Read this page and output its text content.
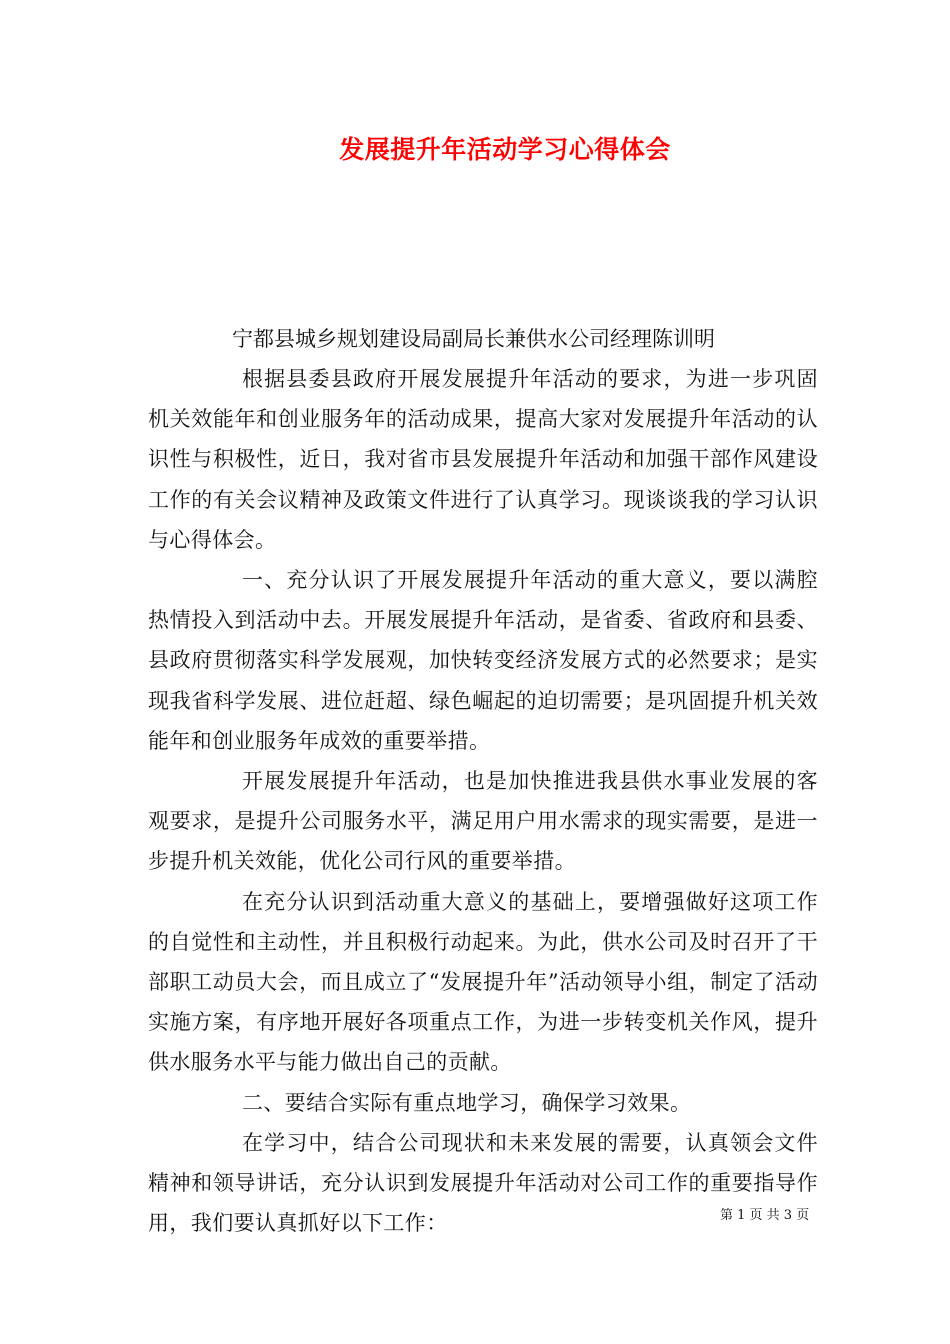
发展提升年活动学习心得体会
宁都县城乡规划建设局副局长兼供水公司经理陈训明

根据县委县政府开展发展提升年活动的要求，为进一步巩固机关效能年和创业服务年的活动成果，提高大家对发展提升年活动的认识性与积极性，近日，我对省市县发展提升年活动和加强干部作风建设工作的有关会议精神及政策文件进行了认真学习。现谈谈我的学习认识与心得体会。

一、充分认识了开展发展提升年活动的重大意义，要以满腔热情投入到活动中去。开展发展提升年活动，是省委、省政府和县委、县政府贯彻落实科学发展观，加快转变经济发展方式的必然要求；是实现我省科学发展、进位赶超、绿色崛起的迫切需要；是巩固提升机关效能年和创业服务年成效的重要举措。

开展发展提升年活动，也是加快推进我县供水事业发展的客观要求，是提升公司服务水平，满足用户用水需求的现实需要，是进一步提升机关效能，优化公司行风的重要举措。

在充分认识到活动重大意义的基础上，要增强做好这项工作的自觉性和主动性，并且积极行动起来。为此，供水公司及时召开了干部职工动员大会，而且成立了“发展提升年”活动领导小组，制定了活动实施方案，有序地开展好各项重点工作，为进一步转变机关作风，提升供水服务水平与能力做出自己的贡献。

二、要结合实际有重点地学习，确保学习效果。

在学习中，结合公司现状和未来发展的需要，认真领会文件精神和领导讲话，充分认识到发展提升年活动对公司工作的重要指导作用，我们要认真抓好以下工作：	第 1 页 共 3 页
